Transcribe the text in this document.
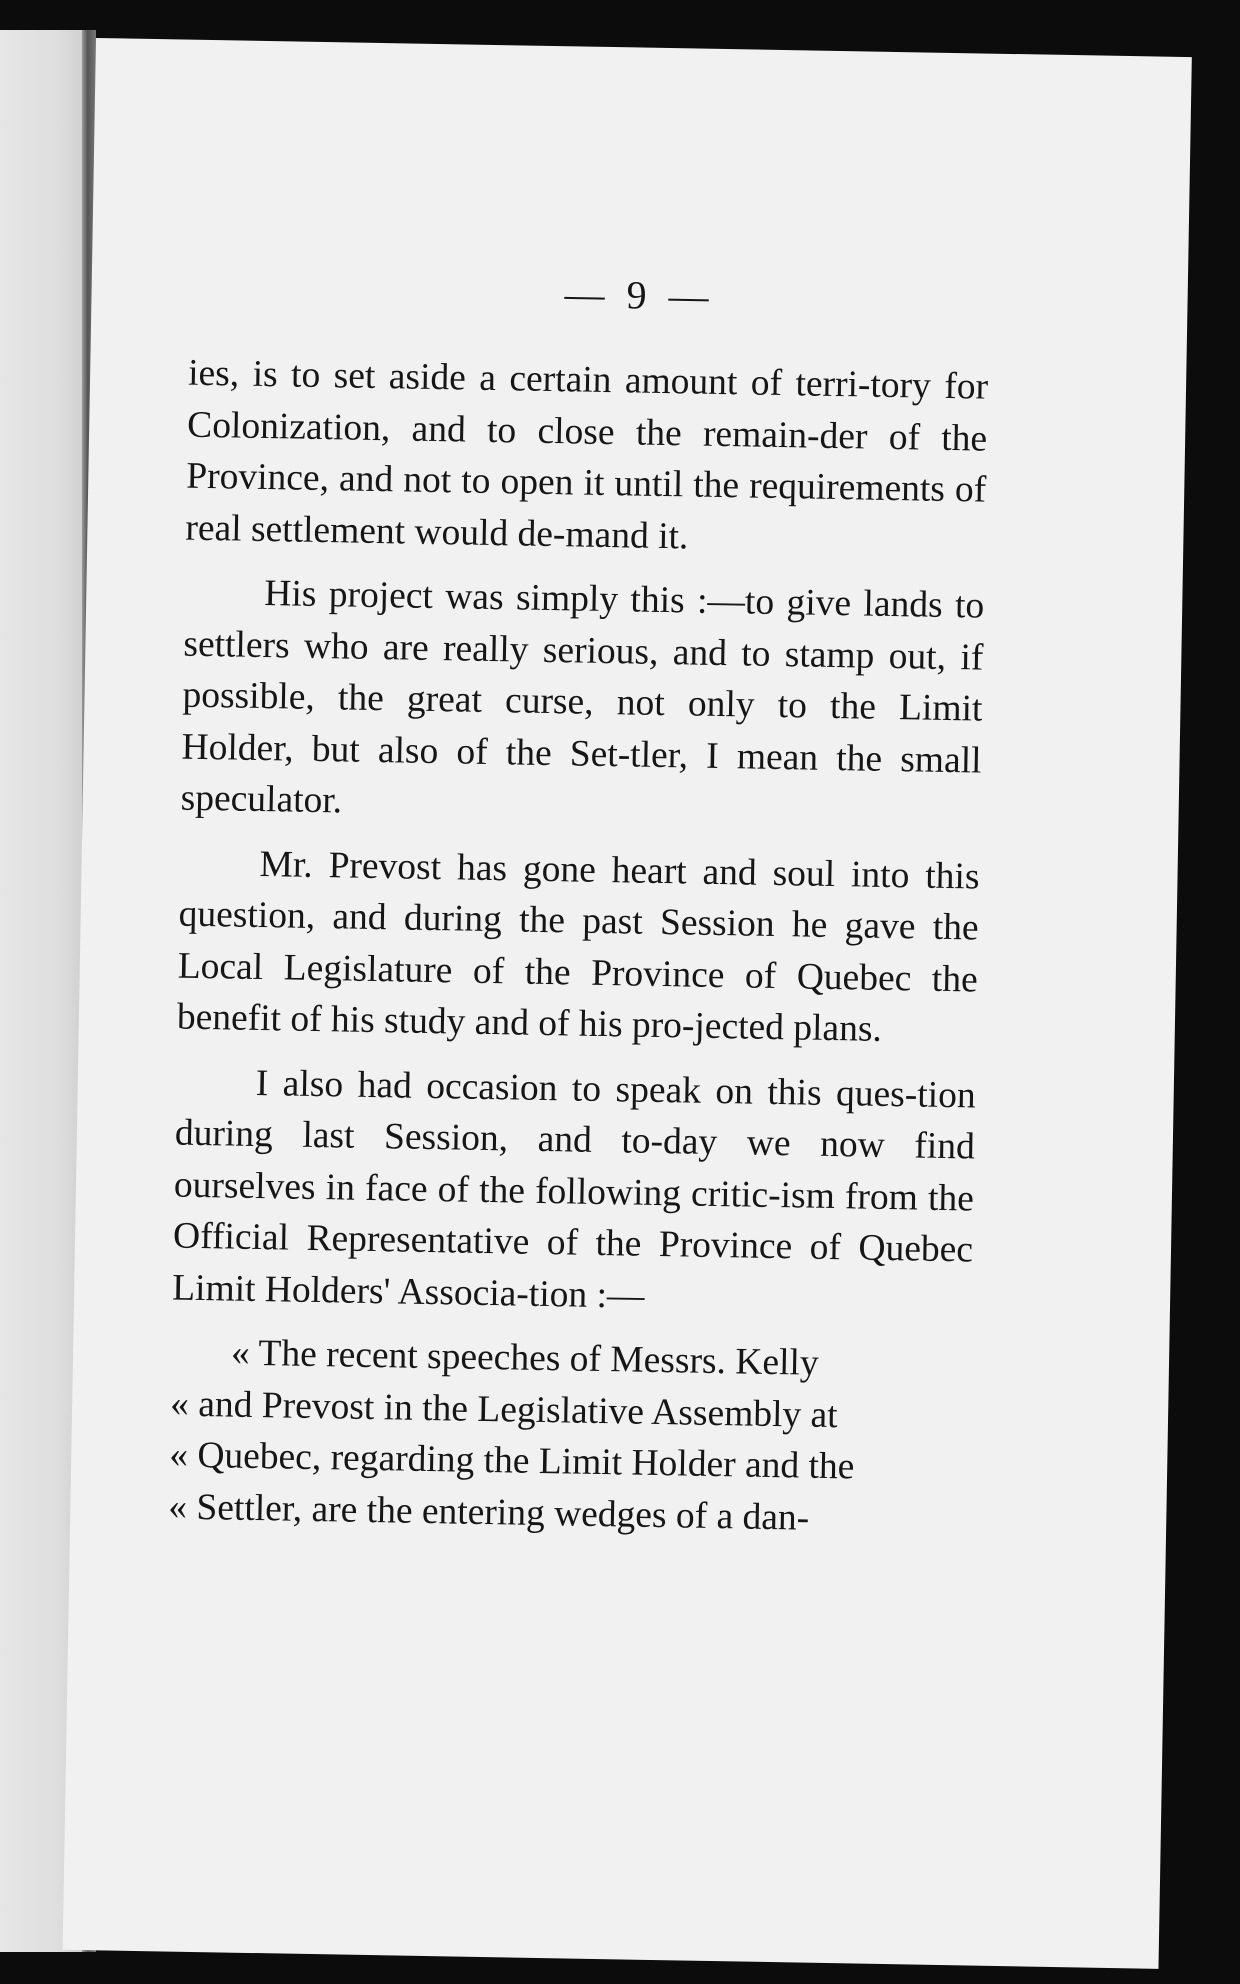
— 9 —

ies, is to set aside a certain amount of terri-tory for Colonization, and to close the remain-der of the Province, and not to open it until the requirements of real settlement would de-mand it.

His project was simply this :—to give lands to settlers who are really serious, and to stamp out, if possible, the great curse, not only to the Limit Holder, but also of the Set-tler, I mean the small speculator.

Mr. Prevost has gone heart and soul into this question, and during the past Session he gave the Local Legislature of the Province of Quebec the benefit of his study and of his pro-jected plans.

I also had occasion to speak on this ques-tion during last Session, and to-day we now find ourselves in face of the following critic-ism from the Official Representative of the Province of Quebec Limit Holders' Associa-tion :—

« The recent speeches of Messrs. Kelly

« and Prevost in the Legislative Assembly at

« Quebec, regarding the Limit Holder and the

« Settler, are the entering wedges of a dan-
